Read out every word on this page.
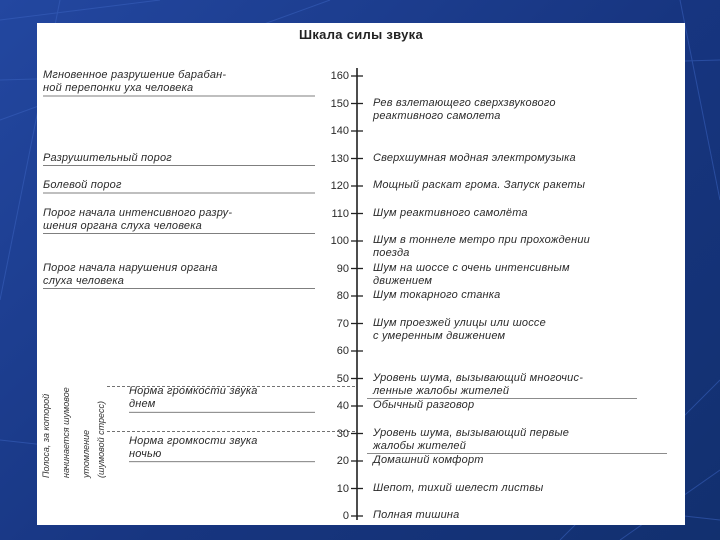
Шкала силы звука
160
150
140
130
120
110
100
90
80
70
60
50
40
30
20
10
0
Рев взлетающего сверхзвукового
реактивного самолета
Сверхшумная модная электромузыка
Мощный раскат грома. Запуск ракеты
Шум реактивного самолёта
Шум в тоннеле метро при прохождении
поезда
Шум на шоссе с очень интенсивным
движением
Шум токарного станка
Шум проезжей улицы или шоссе
с умеренным движением
Уровень шума, вызывающий многочис-
ленные жалобы жителей
Обычный разговор
Уровень шума, вызывающий первые
жалобы жителей
Домашний комфорт
Шепот, тихий шелест листвы
Полная тишина
Мгновенное разрушение барабан-
ной перепонки уха человека
Разрушительный порог
Болевой порог
Порог начала интенсивного разру-
шения органа слуха человека
Порог начала нарушения органа
слуха человека
Норма громкости звука
днем
Норма громкости звука
ночью
Полоса, за которой начинается шумовое утомление (шумовой стресс)
